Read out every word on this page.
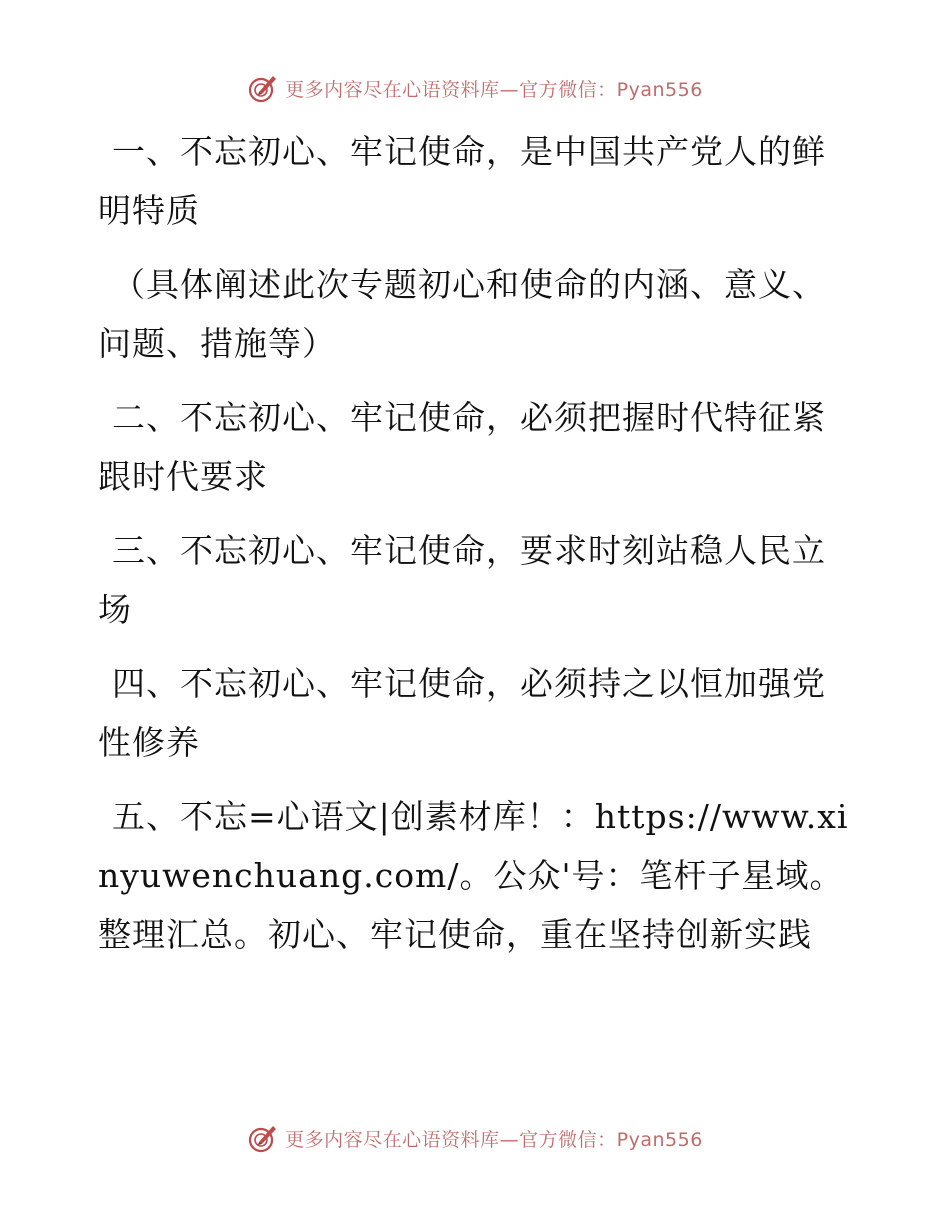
更多内容尽在心语资料库—官方微信：Pyan556

一、不忘初心、牢记使命，是中国共产党人的鲜明特质

（具体阐述此次专题初心和使命的内涵、意义、问题、措施等）

二、不忘初心、牢记使命，必须把握时代特征紧跟时代要求

三、不忘初心、牢记使命，要求时刻站稳人民立场

四、不忘初心、牢记使命，必须持之以恒加强党性修养

五、不忘=心语文|创素材库！：https://www.xinyuwenchuang.com/。公众'号：笔杆子星域。整理汇总。初心、牢记使命，重在坚持创新实践

更多内容尽在心语资料库—官方微信：Pyan556
